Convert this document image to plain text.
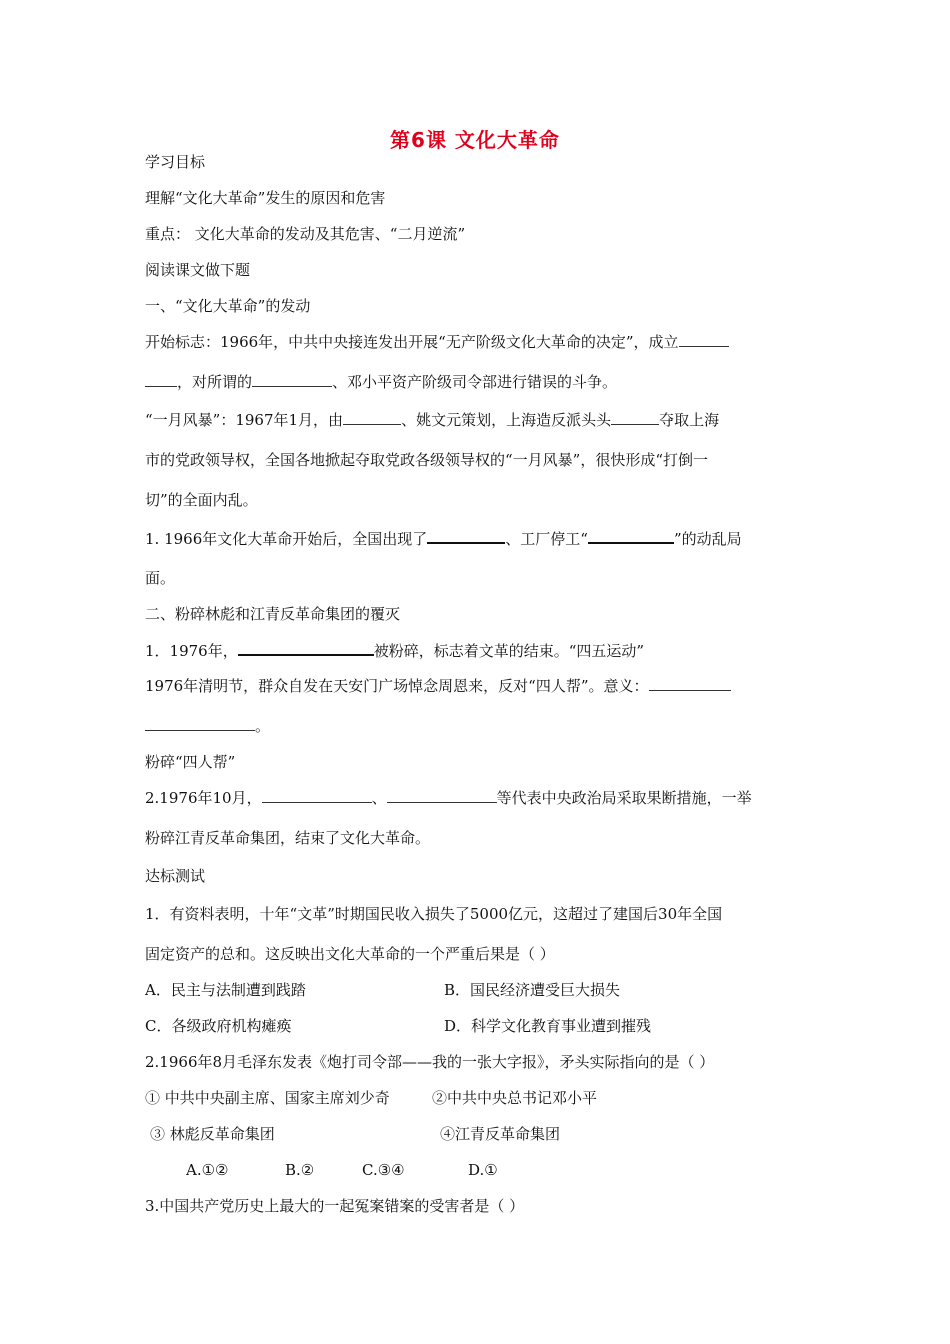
第6课 文化大革命
学习目标
理解“文化大革命”发生的原因和危害
重点： 文化大革命的发动及其危害、“二月逆流”
阅读课文做下题
一、“文化大革命”的发动
开始标志：1966年，中共中央接连发出开展“无产阶级文化大革命的决定”，成立
，对所谓的	、邓小平资产阶级司令部进行错误的斗争。
“一月风暴”：1967年1月，由	、姚文元策划，上海造反派头头	夺取上海
市的党政领导权，全国各地掀起夺取党政各级领导权的“一月风暴”，很快形成“打倒一
切”的全面内乱。
1. 1966年文化大革命开始后，全国出现了	、工厂停工“	”的动乱局
面。
二、粉碎林彪和江青反革命集团的覆灭
1．1976年，	被粉碎，标志着文革的结束。“四五运动”
1976年清明节，群众自发在天安门广场悼念周恩来，反对“四人帮”。意义：
。
粉碎“四人帮”
2.1976年10月，	、	等代表中央政治局采取果断措施，一举
粉碎江青反革命集团，结束了文化大革命。
达标测试
1．有资料表明，十年“文革”时期国民收入损失了5000亿元，这超过了建国后30年全国
固定资产的总和。这反映出文化大革命的一个严重后果是（ ）
A．民主与法制遭到践踏	B．国民经济遭受巨大损失
C．各级政府机构瘫痪	D．科学文化教育事业遭到摧残
2.1966年8月毛泽东发表《炮打司令部——我的一张大字报》，矛头实际指向的是（ ）
① 中共中央副主席、国家主席刘少奇	②中共中央总书记邓小平
③ 林彪反革命集团	④江青反革命集团
A.①②	B.②	C.③④	D.①
3.中国共产党历史上最大的一起冤案错案的受害者是（ ）
